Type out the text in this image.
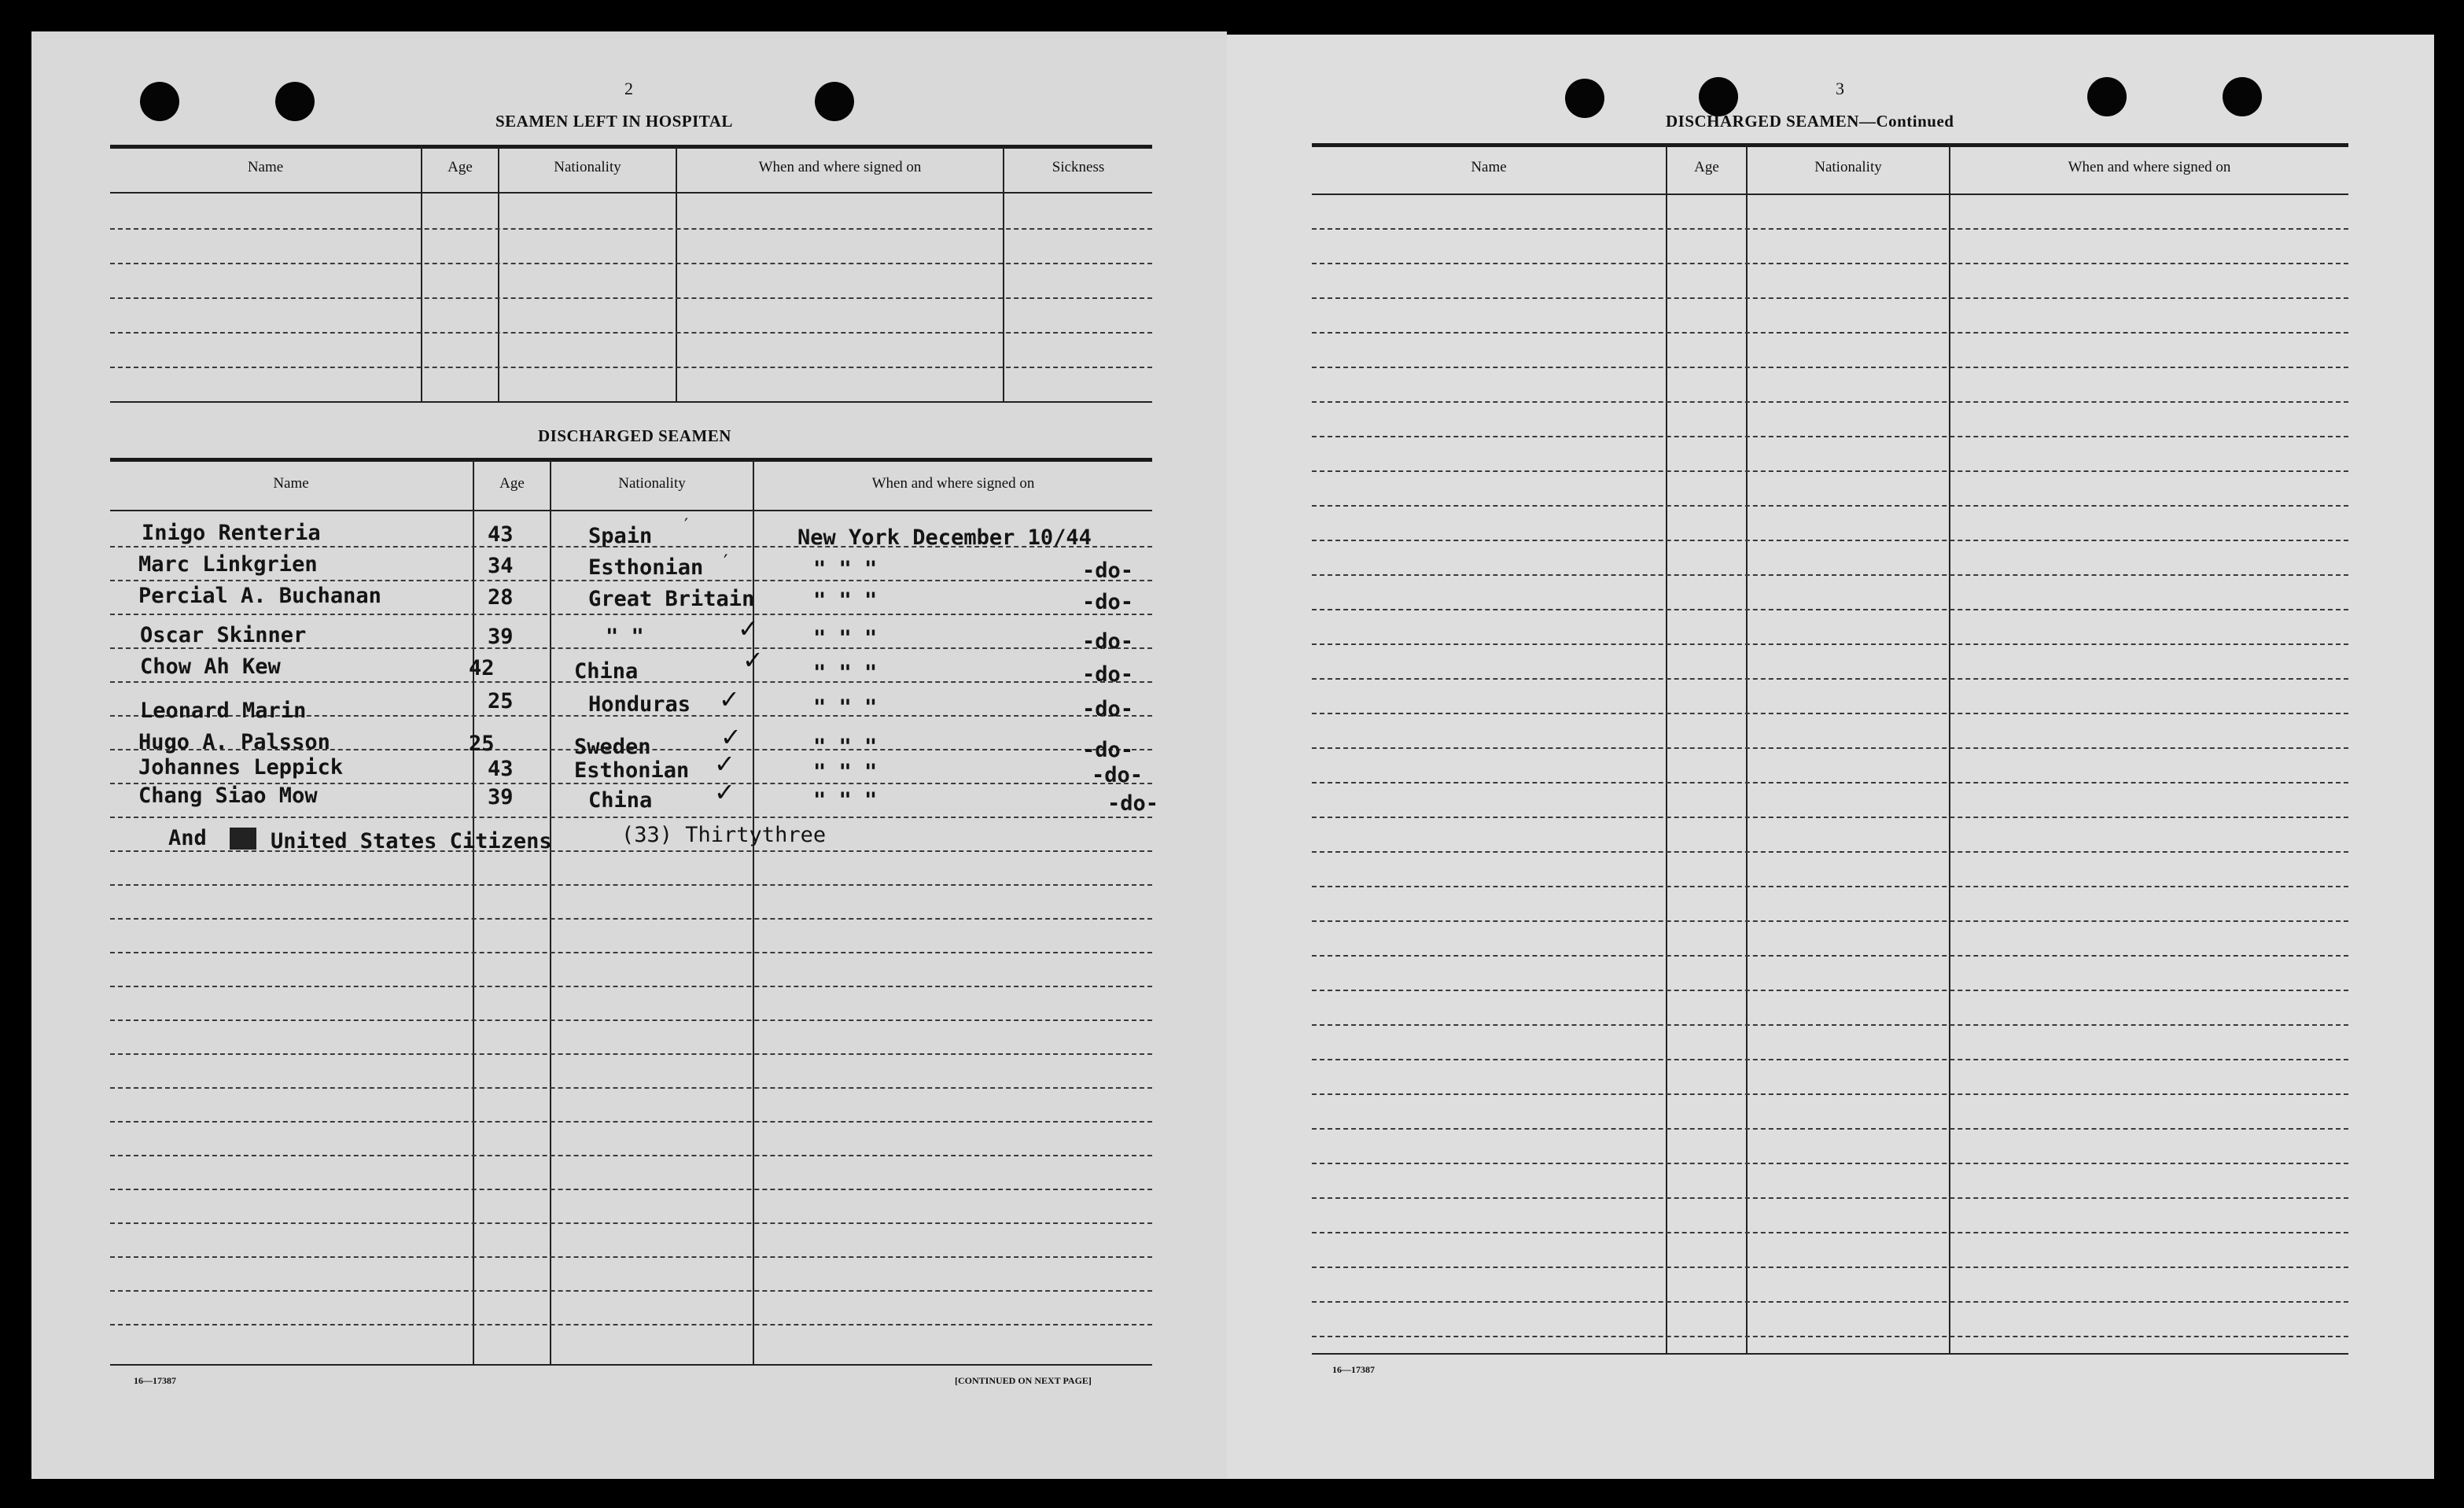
2
SEAMEN LEFT IN HOSPITAL
Name	Age	Nationality	When and where signed on	Sickness
DISCHARGED SEAMEN
Name	Age	Nationality	When and where signed on
Inigo Renteria	43	Spain	New York December 10/44
Marc Linkgrien	34	Esthonian	" " "	-do-
Percial A. Buchanan	28	Great Britain	" " "	-do-
Oscar Skinner	39	" "	" " "	-do-
Chow Ah Kew	42	China	" " "	-do-
Leonard Marin	25	Honduras	" " "	-do-
Hugo A. Palsson	25	Sweden	" " "	-do-
Johannes Leppick	43	Esthonian	" " "	-do-
Chang Siao Mow	39	China	" " "	-do-
′
′
✓
✓
✓
✓
✓
✓
And	United States Citizens	(33) Thirtythree
16—17387	[CONTINUED ON NEXT PAGE]
3
DISCHARGED SEAMEN—Continued
Name	Age	Nationality	When and where signed on
16—17387
